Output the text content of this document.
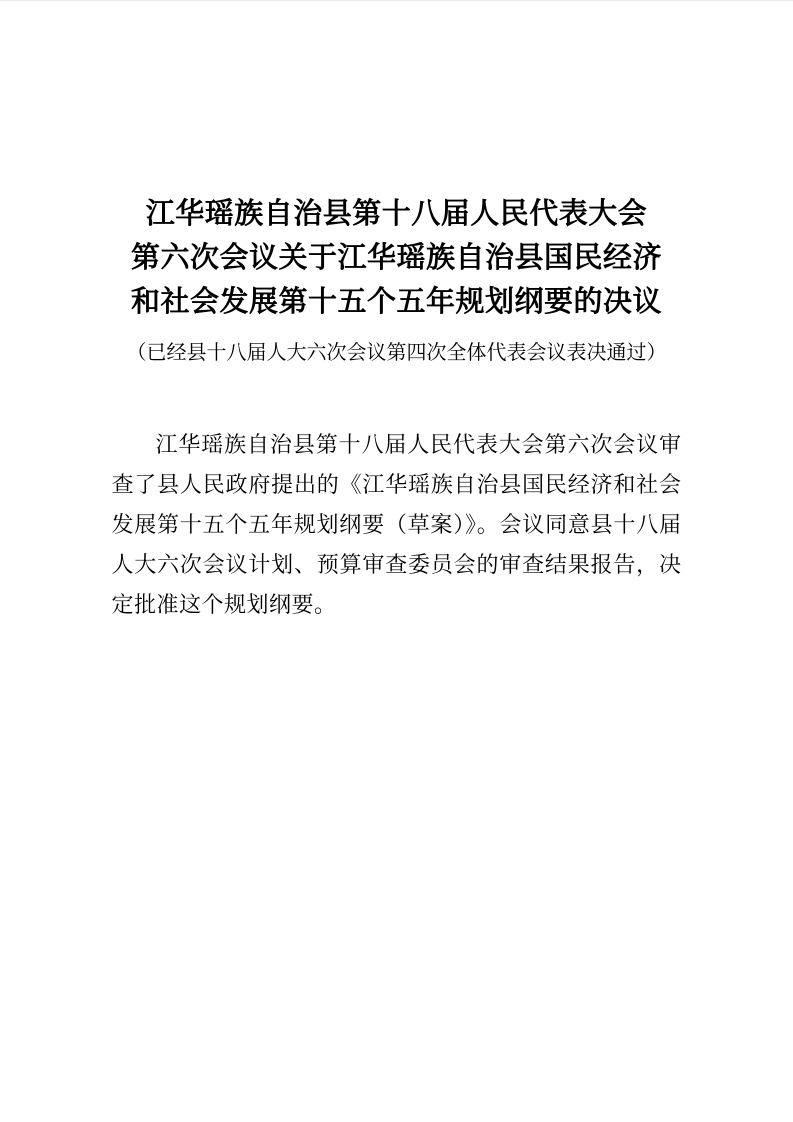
江华瑶族自治县第十八届人民代表大会
第六次会议关于江华瑶族自治县国民经济
和社会发展第十五个五年规划纲要的决议

（已经县十八届人大六次会议第四次全体代表会议表决通过）

江华瑶族自治县第十八届人民代表大会第六次会议审查了县人民政府提出的《江华瑶族自治县国民经济和社会发展第十五个五年规划纲要（草案）》。会议同意县十八届人大六次会议计划、预算审查委员会的审查结果报告，决定批准这个规划纲要。
